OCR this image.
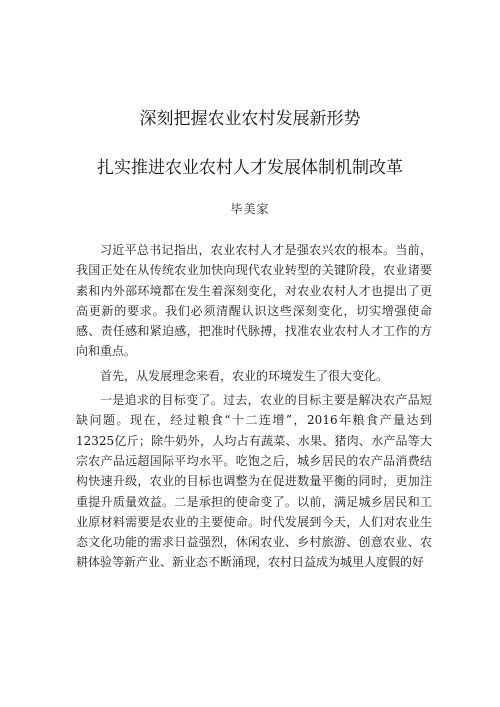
深刻把握农业农村发展新形势
扎实推进农业农村人才发展体制机制改革
毕美家

习近平总书记指出，农业农村人才是强农兴农的根本。当前，我国正处在从传统农业加快向现代农业转型的关键阶段，农业诸要素和内外部环境都在发生着深刻变化，对农业农村人才也提出了更高更新的要求。我们必须清醒认识这些深刻变化，切实增强使命感、责任感和紧迫感，把准时代脉搏，找准农业农村人才工作的方向和重点。

首先，从发展理念来看，农业的环境发生了很大变化。

一是追求的目标变了。过去，农业的目标主要是解决农产品短缺问题。现在，经过粮食“十二连增”，2016年粮食产量达到12325亿斤；除牛奶外，人均占有蔬菜、水果、猪肉、水产品等大宗农产品远超国际平均水平。吃饱之后，城乡居民的农产品消费结构快速升级，农业的目标也调整为在促进数量平衡的同时，更加注重提升质量效益。二是承担的使命变了。以前，满足城乡居民和工业原材料需要是农业的主要使命。时代发展到今天，人们对农业生态文化功能的需求日益强烈，休闲农业、乡村旅游、创意农业、农耕体验等新产业、新业态不断涌现，农村日益成为城里人度假的好
